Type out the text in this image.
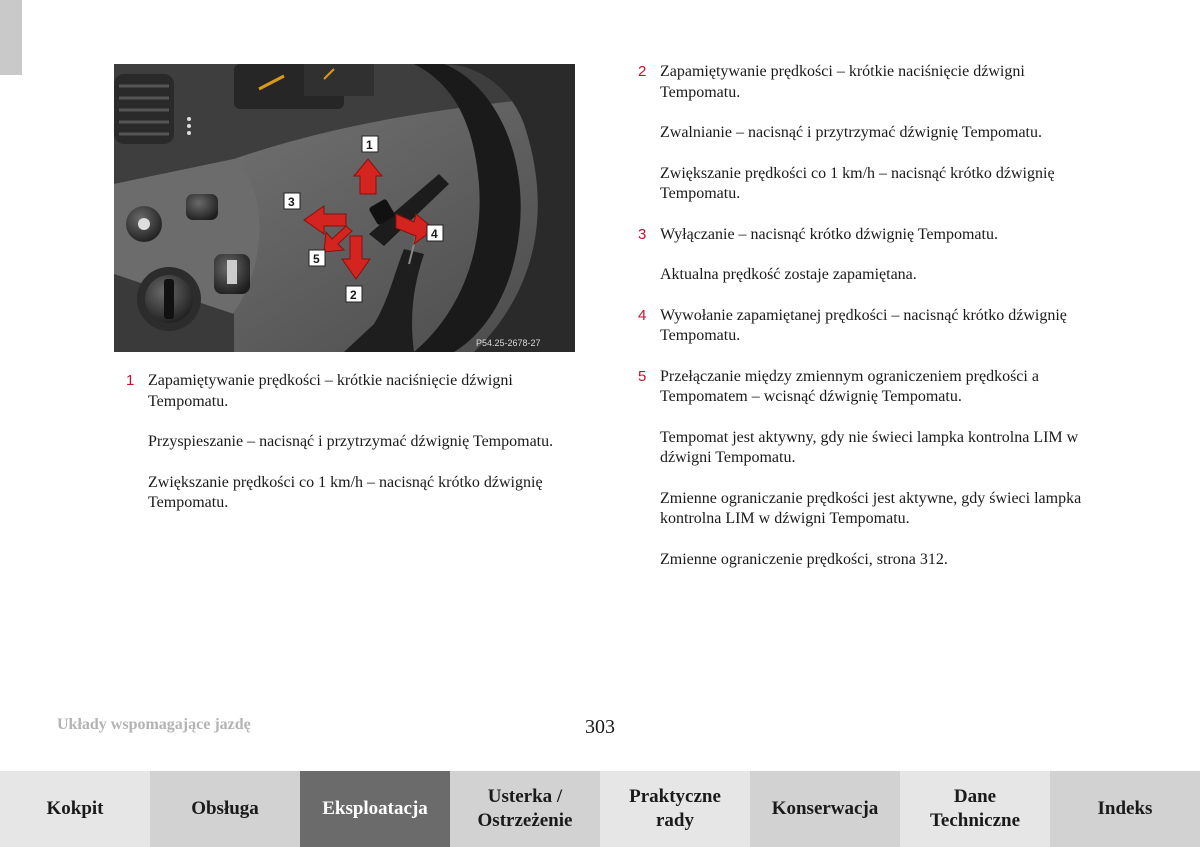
1
3
4
5
2
P54.25-2678-27
1 Zapamiętywanie prędkości – krótkie naciśnięcie dźwigni Tempomatu.

Przyspieszanie – nacisnąć i przytrzymać dźwignię Tempomatu.

Zwiększanie prędkości co 1 km/h – nacisnąć krótko dźwignię Tempomatu.

2 Zapamiętywanie prędkości – krótkie naciśnięcie dźwigni Tempomatu.

Zwalnianie – nacisnąć i przytrzymać dźwignię Tempomatu.

Zwiększanie prędkości co 1 km/h – nacisnąć krótko dźwignię Tempomatu.

3 Wyłączanie – nacisnąć krótko dźwignię Tempomatu.

Aktualna prędkość zostaje zapamiętana.

4 Wywołanie zapamiętanej prędkości – nacisnąć krótko dźwignię Tempomatu.

5 Przełączanie między zmiennym ograniczeniem prędkości a Tempomatem – wcisnąć dźwignię Tempomatu.

Tempomat jest aktywny, gdy nie świeci lampka kontrolna LIM w dźwigni Tempomatu.

Zmienne ograniczanie prędkości jest aktywne, gdy świeci lampka kontrolna LIM w dźwigni Tempomatu.

Zmienne ograniczenie prędkości, strona 312.

Układy wspomagające jazdę	303
Kokpit	Obsługa	Eksploatacja
Usterka /
Ostrzeżenie
Praktyczne
rady
Konserwacja
Dane
Techniczne
Indeks
